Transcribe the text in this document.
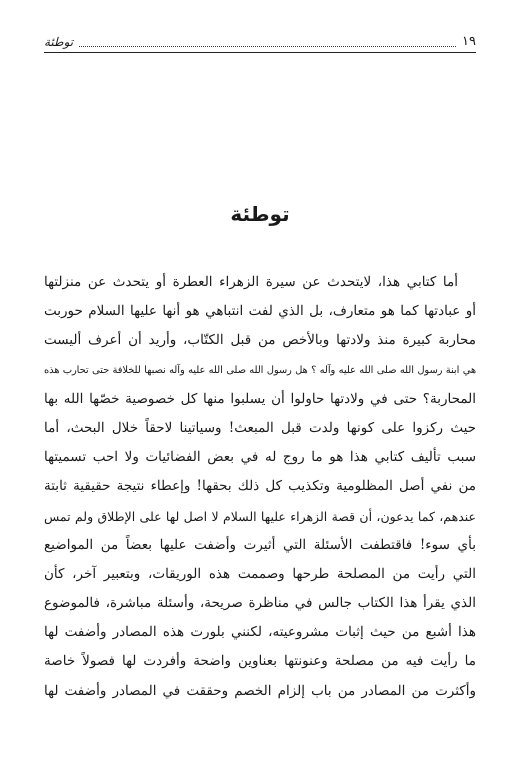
١٩
توطئة
توطئة
أما كتابي هذا، لايتحدث عن سيرة الزهراء العطرة أو يتحدث عن منزلتها
أو عبادتها كما هو متعارف، بل الذي لفت انتباهي هو أنها عليها السلام حوربت
محاربة كبيرة منذ ولادتها وبالأخص من قبل الكتّاب، وأريد أن أعرف أليست
هي ابنة رسول الله صلى الله عليه وآله ؟ هل رسول الله صلى الله عليه وآله نصبها للخلافة حتى تحارب هذه
المحاربة؟ حتى في ولادتها حاولوا أن يسلبوا منها كل خصوصية خصّها الله بها
حيث ركزوا على كونها ولدت قبل المبعث! وسياتينا لاحقاً خلال البحث، أما
سبب تأليف كتابي هذا هو ما روج له في بعض الفضائيات ولا احب تسميتها
من نفي أصل المظلومية وتكذيب كل ذلك بحقها! وإعطاء نتيجة حقيقية ثابتة
عندهم، كما يدعون، أن قصة الزهراء عليها السلام لا اصل لها على الإطلاق ولم تمس
بأي سوء! فاقتطفت الأسئلة التي أثيرت وأضفت عليها بعضاً من المواضيع
التي رأيت من المصلحة طرحها وصممت هذه الوريقات، وبتعبير آخر، كأن
الذي يقرأ هذا الكتاب جالس في مناظرة صريحة، وأسئلة مباشرة، فالموضوع
هذا أشبع من حيث إثبات مشروعيته، لكنني بلورت هذه المصادر وأضفت لها
ما رأيت فيه من مصلحة وعنونتها بعناوين واضحة وأفردت لها فصولاً خاصة
وأكثرت من المصادر من باب إلزام الخصم وحققت في المصادر وأضفت لها
